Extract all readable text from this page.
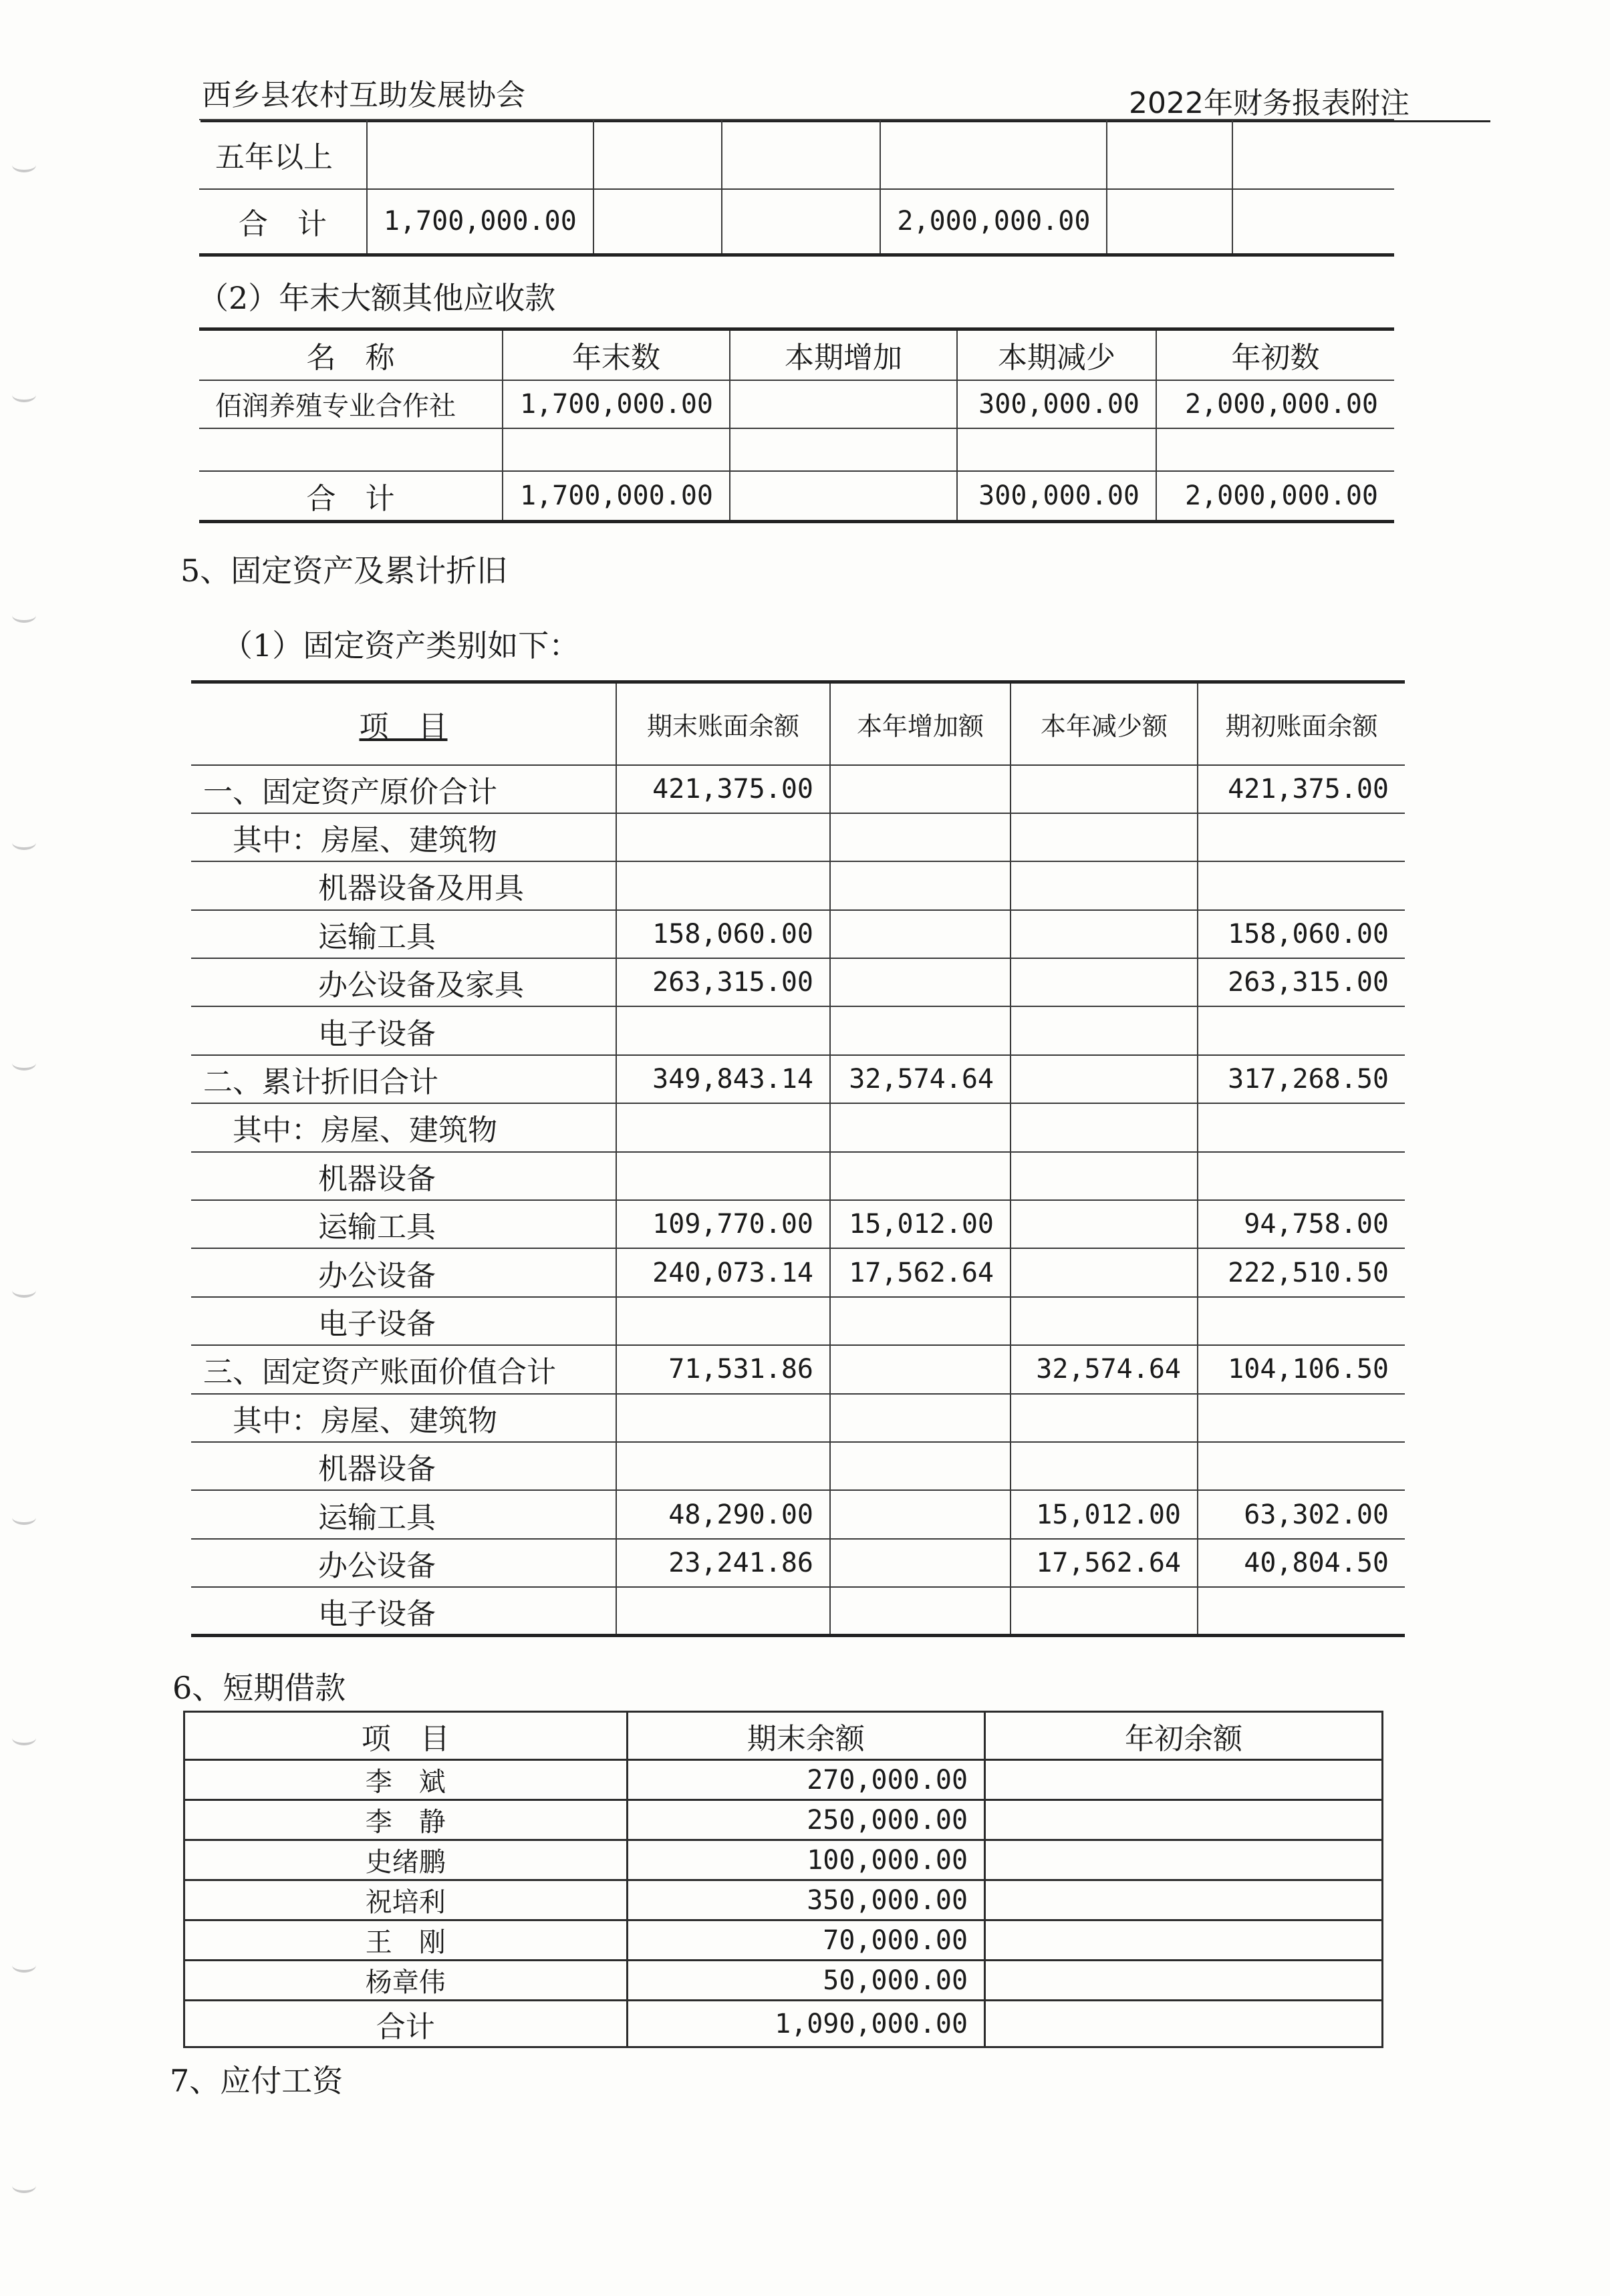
西乡县农村互助发展协会	2022年财务报表附注
五年以上						
合　计	1,700,000.00			2,000,000.00		
（2）年末大额其他应收款
名　称	年末数	本期增加	本期减少	年初数
佰润养殖专业合作社	1,700,000.00		300,000.00	2,000,000.00

合　计	1,700,000.00		300,000.00	2,000,000.00
5、固定资产及累计折旧
（1）固定资产类别如下：
项　目	期末账面余额	本年增加额	本年减少额	期初账面余额
一、固定资产原价合计	421,375.00			421,375.00
其中：房屋、建筑物				
机器设备及用具				
运输工具	158,060.00			158,060.00
办公设备及家具	263,315.00			263,315.00
电子设备				
二、累计折旧合计	349,843.14	32,574.64		317,268.50
其中：房屋、建筑物				
机器设备				
运输工具	109,770.00	15,012.00		94,758.00
办公设备	240,073.14	17,562.64		222,510.50
电子设备				
三、固定资产账面价值合计	71,531.86		32,574.64	104,106.50
其中：房屋、建筑物				
机器设备				
运输工具	48,290.00		15,012.00	63,302.00
办公设备	23,241.86		17,562.64	40,804.50
电子设备				
6、短期借款
项　目	期末余额	年初余额
李　斌	270,000.00	
李　静	250,000.00	
史绪鹏	100,000.00	
祝培利	350,000.00	
王　刚	70,000.00	
杨章伟	50,000.00	
合计	1,090,000.00	
7、应付工资
